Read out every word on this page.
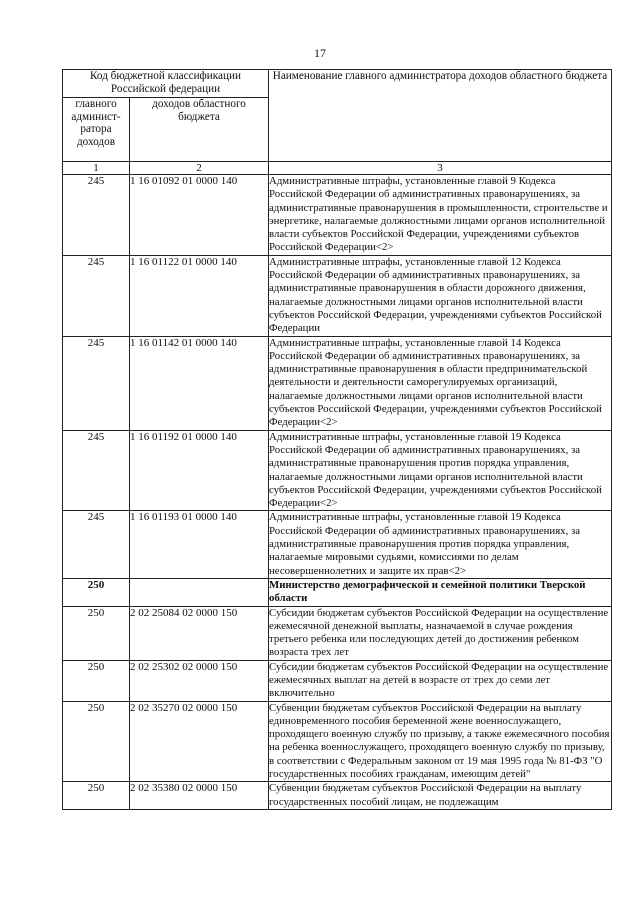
17
Код бюджетной классификации Российской федерации		Наименование главного администратора доходов областного бюджета
главного админист-ратора доходов	доходов областного бюджета	
1	2	3
245	1 16 01092 01 0000 140	Административные штрафы, установленные главой 9 Кодекса Российской Федерации об административных правонарушениях, за административные правонарушения в промышленности, строительстве и энергетике, налагаемые должностными лицами органов исполнительной власти субъектов Российской Федерации, учреждениями субъектов Российской Федерации<2>
245	1 16 01122 01 0000 140	Административные штрафы, установленные главой 12 Кодекса Российской Федерации об административных правонарушениях, за административные правонарушения в области дорожного движения, налагаемые должностными лицами органов исполнительной власти субъектов Российской Федерации, учреждениями субъектов Российской Федерации
245	1 16 01142 01 0000 140	Административные штрафы, установленные главой 14 Кодекса Российской Федерации об административных правонарушениях, за административные правонарушения в области предпринимательской деятельности и деятельности саморегулируемых организаций, налагаемые должностными лицами органов исполнительной власти субъектов Российской Федерации, учреждениями субъектов Российской Федерации<2>
245	1 16 01192 01 0000 140	Административные штрафы, установленные главой 19 Кодекса Российской Федерации об административных правонарушениях, за административные правонарушения против порядка управления, налагаемые должностными лицами органов исполнительной власти субъектов Российской Федерации, учреждениями субъектов Российской Федерации<2>
245	1 16 01193 01 0000 140	Административные штрафы, установленные главой 19 Кодекса Российской Федерации об административных правонарушениях, за административные правонарушения против порядка управления, налагаемые мировыми судьями, комиссиями по делам несовершеннолетних и защите их прав<2>
250		Министерство демографической и семейной политики Тверской области
250	2 02 25084 02 0000 150	Субсидии бюджетам субъектов Российской Федерации на осуществление ежемесячной денежной выплаты, назначаемой в случае рождения третьего ребенка или последующих детей до достижения ребенком возраста трех лет
250	2 02 25302 02 0000 150	Субсидии бюджетам субъектов Российской Федерации на осуществление ежемесячных выплат на детей в возрасте от трех до семи лет включительно
250	2 02 35270 02 0000 150	Субвенции бюджетам субъектов Российской Федерации на выплату единовременного пособия беременной жене военнослужащего, проходящего военную службу по призыву, а также ежемесячного пособия на ребенка военнослужащего, проходящего военную службу по призыву, в соответствии с Федеральным законом от 19 мая 1995 года № 81-ФЗ "О государственных пособиях гражданам, имеющим детей"
250	2 02 35380 02 0000 150	Субвенции бюджетам субъектов Российской Федерации на выплату государственных пособий лицам, не подлежащим
